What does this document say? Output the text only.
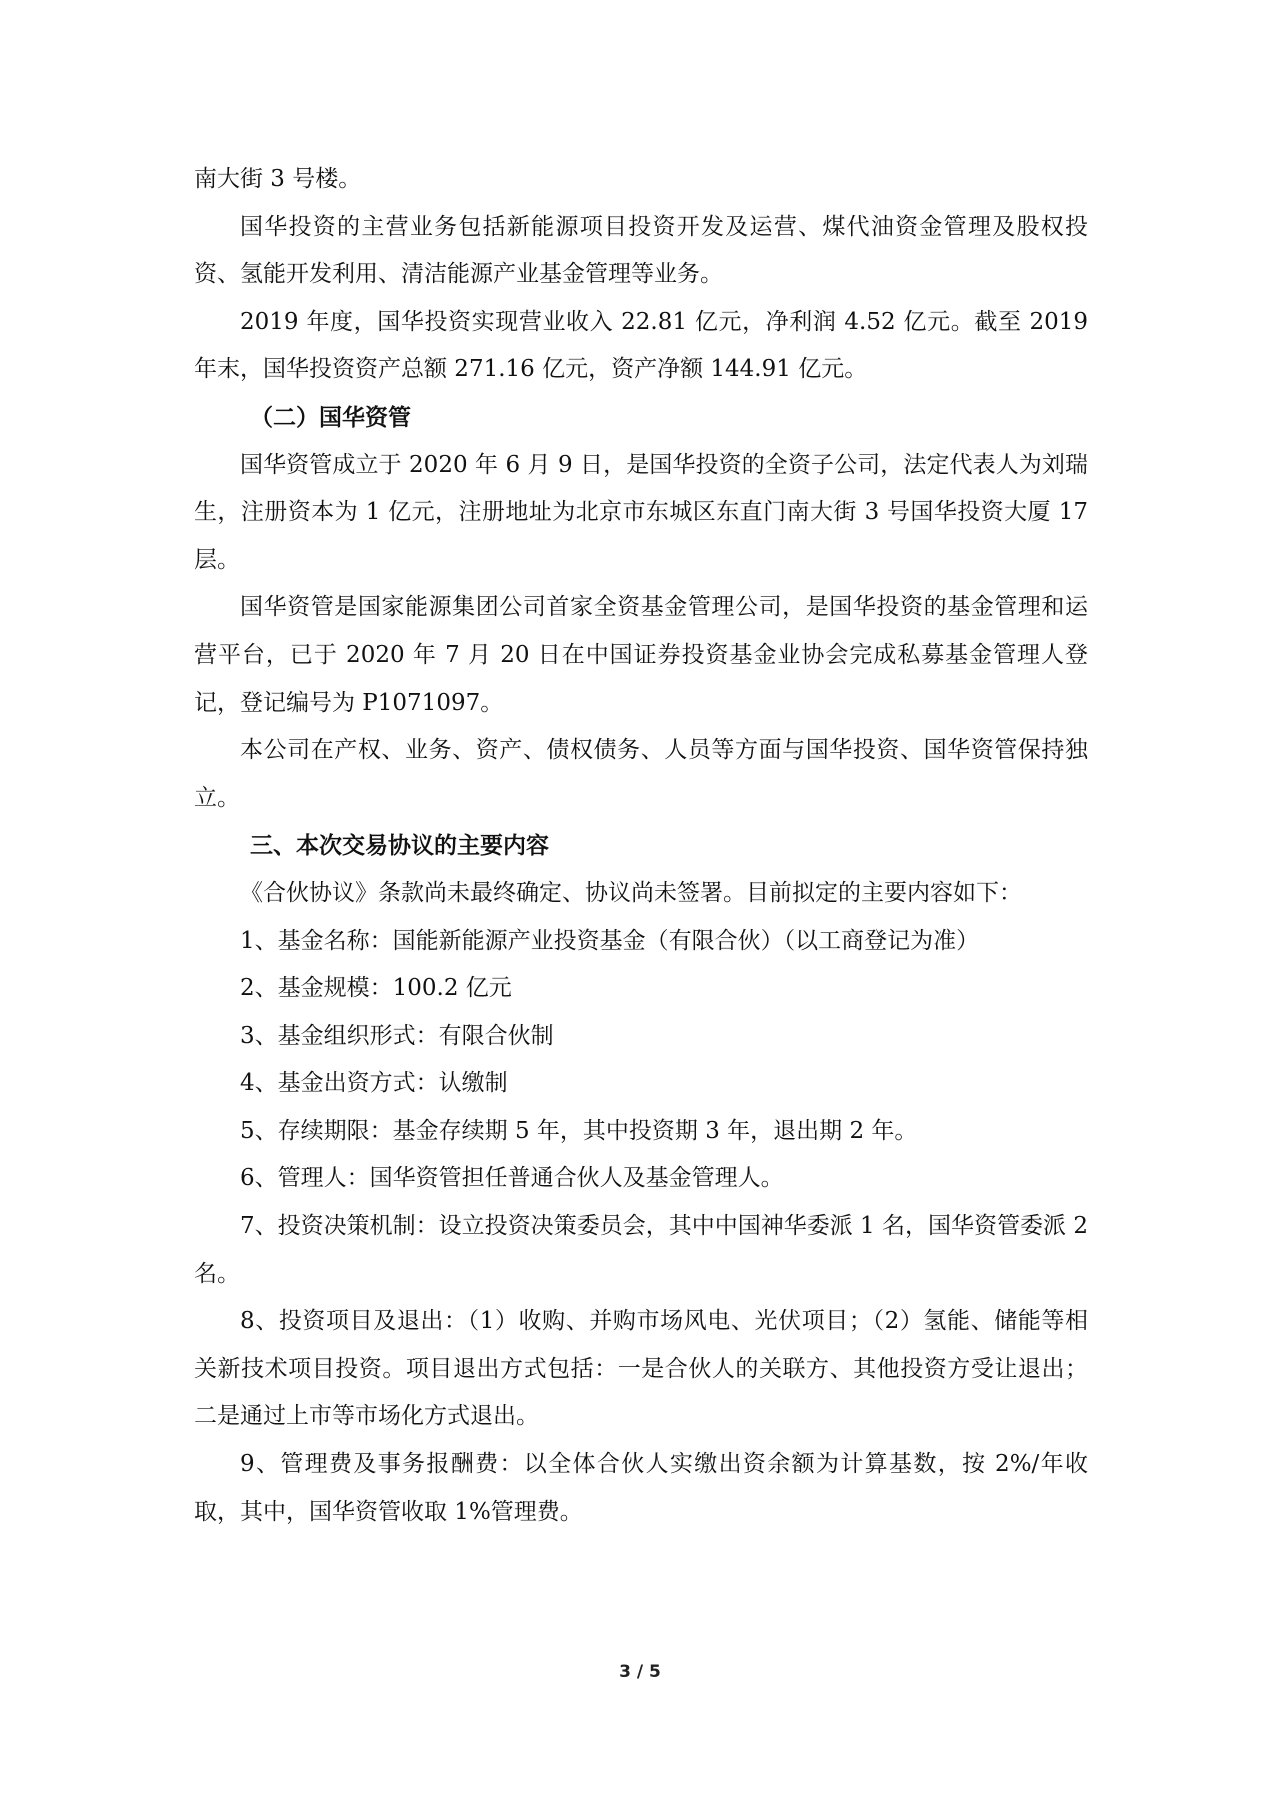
南大街 3 号楼。

国华投资的主营业务包括新能源项目投资开发及运营、煤代油资金管理及股权投资、氢能开发利用、清洁能源产业基金管理等业务。

2019 年度，国华投资实现营业收入 22.81 亿元，净利润 4.52 亿元。截至 2019 年末，国华投资资产总额 271.16 亿元，资产净额 144.91 亿元。

（二）国华资管

国华资管成立于 2020 年 6 月 9 日，是国华投资的全资子公司，法定代表人为刘瑞生，注册资本为 1 亿元，注册地址为北京市东城区东直门南大街 3 号国华投资大厦 17 层。

国华资管是国家能源集团公司首家全资基金管理公司，是国华投资的基金管理和运营平台，已于 2020 年 7 月 20 日在中国证券投资基金业协会完成私募基金管理人登记，登记编号为 P1071097。

本公司在产权、业务、资产、债权债务、人员等方面与国华投资、国华资管保持独立。

三、本次交易协议的主要内容

《合伙协议》条款尚未最终确定、协议尚未签署。目前拟定的主要内容如下：

1、基金名称：国能新能源产业投资基金（有限合伙）（以工商登记为准）

2、基金规模：100.2 亿元

3、基金组织形式：有限合伙制

4、基金出资方式：认缴制

5、存续期限：基金存续期 5 年，其中投资期 3 年，退出期 2 年。

6、管理人：国华资管担任普通合伙人及基金管理人。

7、投资决策机制：设立投资决策委员会，其中中国神华委派 1 名，国华资管委派 2 名。

8、投资项目及退出：（1）收购、并购市场风电、光伏项目；（2）氢能、储能等相关新技术项目投资。项目退出方式包括：一是合伙人的关联方、其他投资方受让退出；二是通过上市等市场化方式退出。

9、管理费及事务报酬费：以全体合伙人实缴出资余额为计算基数，按 2%/年收取，其中，国华资管收取 1%管理费。

3 / 5
